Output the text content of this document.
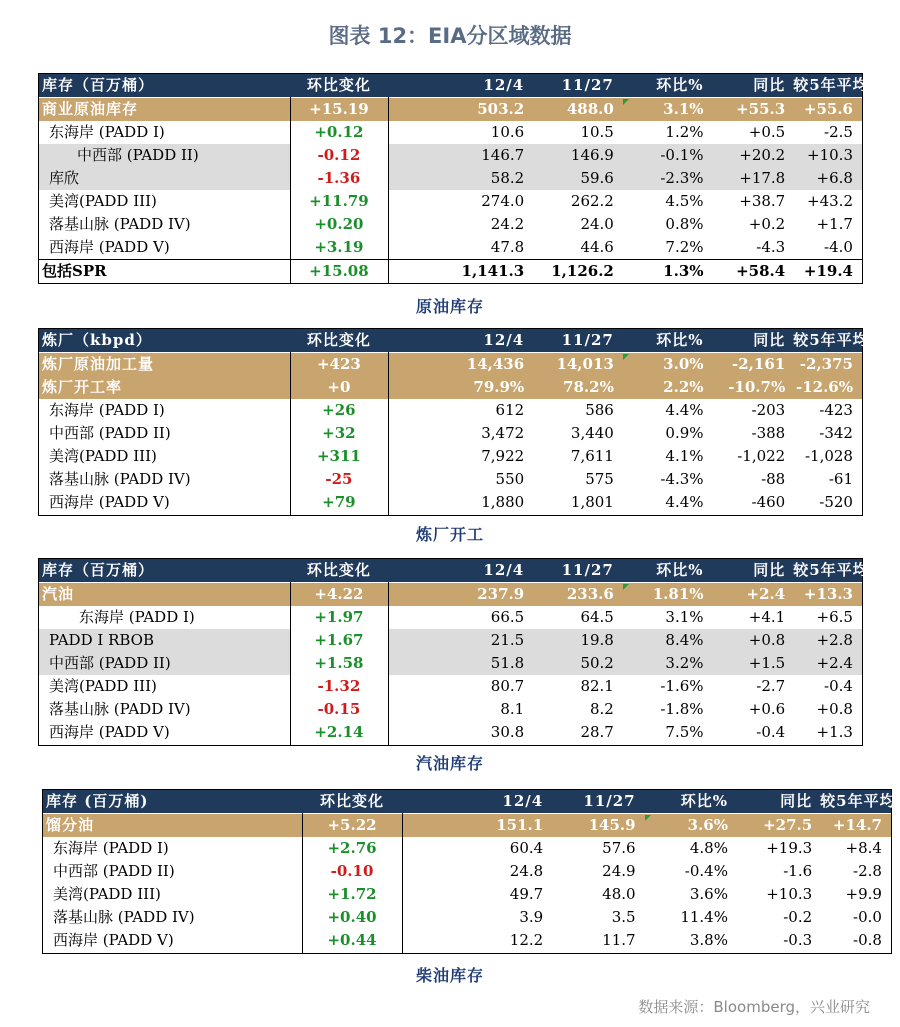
图表 12：EIA分区域数据
库存（百万桶）	环比变化	12/4	11/27	环比%	同比 较5年平均
商业原油库存	+15.19	503.2	488.0	3.1%	+55.3	+55.6
东海岸 (PADD I)	+0.12	10.6	10.5	1.2%	+0.5	-2.5
中西部 (PADD II)	-0.12	146.7	146.9	-0.1%	+20.2	+10.3
库欣	-1.36	58.2	59.6	-2.3%	+17.8	+6.8
美湾(PADD III)	+11.79	274.0	262.2	4.5%	+38.7	+43.2
落基山脉 (PADD IV)	+0.20	24.2	24.0	0.8%	+0.2	+1.7
西海岸 (PADD V)	+3.19	47.8	44.6	7.2%	-4.3	-4.0
包括SPR	+15.08	1,141.3	1,126.2	1.3%	+58.4	+19.4
原油库存
炼厂（kbpd）	环比变化	12/4	11/27	环比%	同比 较5年平均
炼厂原油加工量	+423	14,436	14,013	3.0%	-2,161 -2,375
炼厂开工率	+0	79.9%	78.2%	2.2%	-10.7% -12.6%
东海岸 (PADD I)	+26	612	586	4.4%	-203	-423
中西部 (PADD II)	+32	3,472	3,440	0.9%	-388	-342
美湾(PADD III)	+311	7,922	7,611	4.1%	-1,022	-1,028
落基山脉 (PADD IV)	-25	550	575	-4.3%	-88	-61
西海岸 (PADD V)	+79	1,880	1,801	4.4%	-460	-520
炼厂开工
库存（百万桶）	环比变化	12/4	11/27	环比%	同比 较5年平均
汽油	+4.22	237.9	233.6	1.81%	+2.4	+13.3
东海岸 (PADD I)	+1.97	66.5	64.5	3.1%	+4.1	+6.5
PADD I RBOB	+1.67	21.5	19.8	8.4%	+0.8	+2.8
中西部 (PADD II)	+1.58	51.8	50.2	3.2%	+1.5	+2.4
美湾(PADD III)	-1.32	80.7	82.1	-1.6%	-2.7	-0.4
落基山脉 (PADD IV)	-0.15	8.1	8.2	-1.8%	+0.6	+0.8
西海岸 (PADD V)	+2.14	30.8	28.7	7.5%	-0.4	+1.3
汽油库存
库存 (百万桶)	环比变化	12/4	11/27	环比%	同比 较5年平均
馏分油	+5.22	151.1	145.9	3.6%	+27.5	+14.7
东海岸 (PADD I)	+2.76	60.4	57.6	4.8%	+19.3	+8.4
中西部 (PADD II)	-0.10	24.8	24.9	-0.4%	-1.6	-2.8
美湾(PADD III)	+1.72	49.7	48.0	3.6%	+10.3	+9.9
落基山脉 (PADD IV)	+0.40	3.9	3.5	11.4%	-0.2	-0.0
西海岸 (PADD V)	+0.44	12.2	11.7	3.8%	-0.3	-0.8
柴油库存
数据来源：Bloomberg，兴业研究
